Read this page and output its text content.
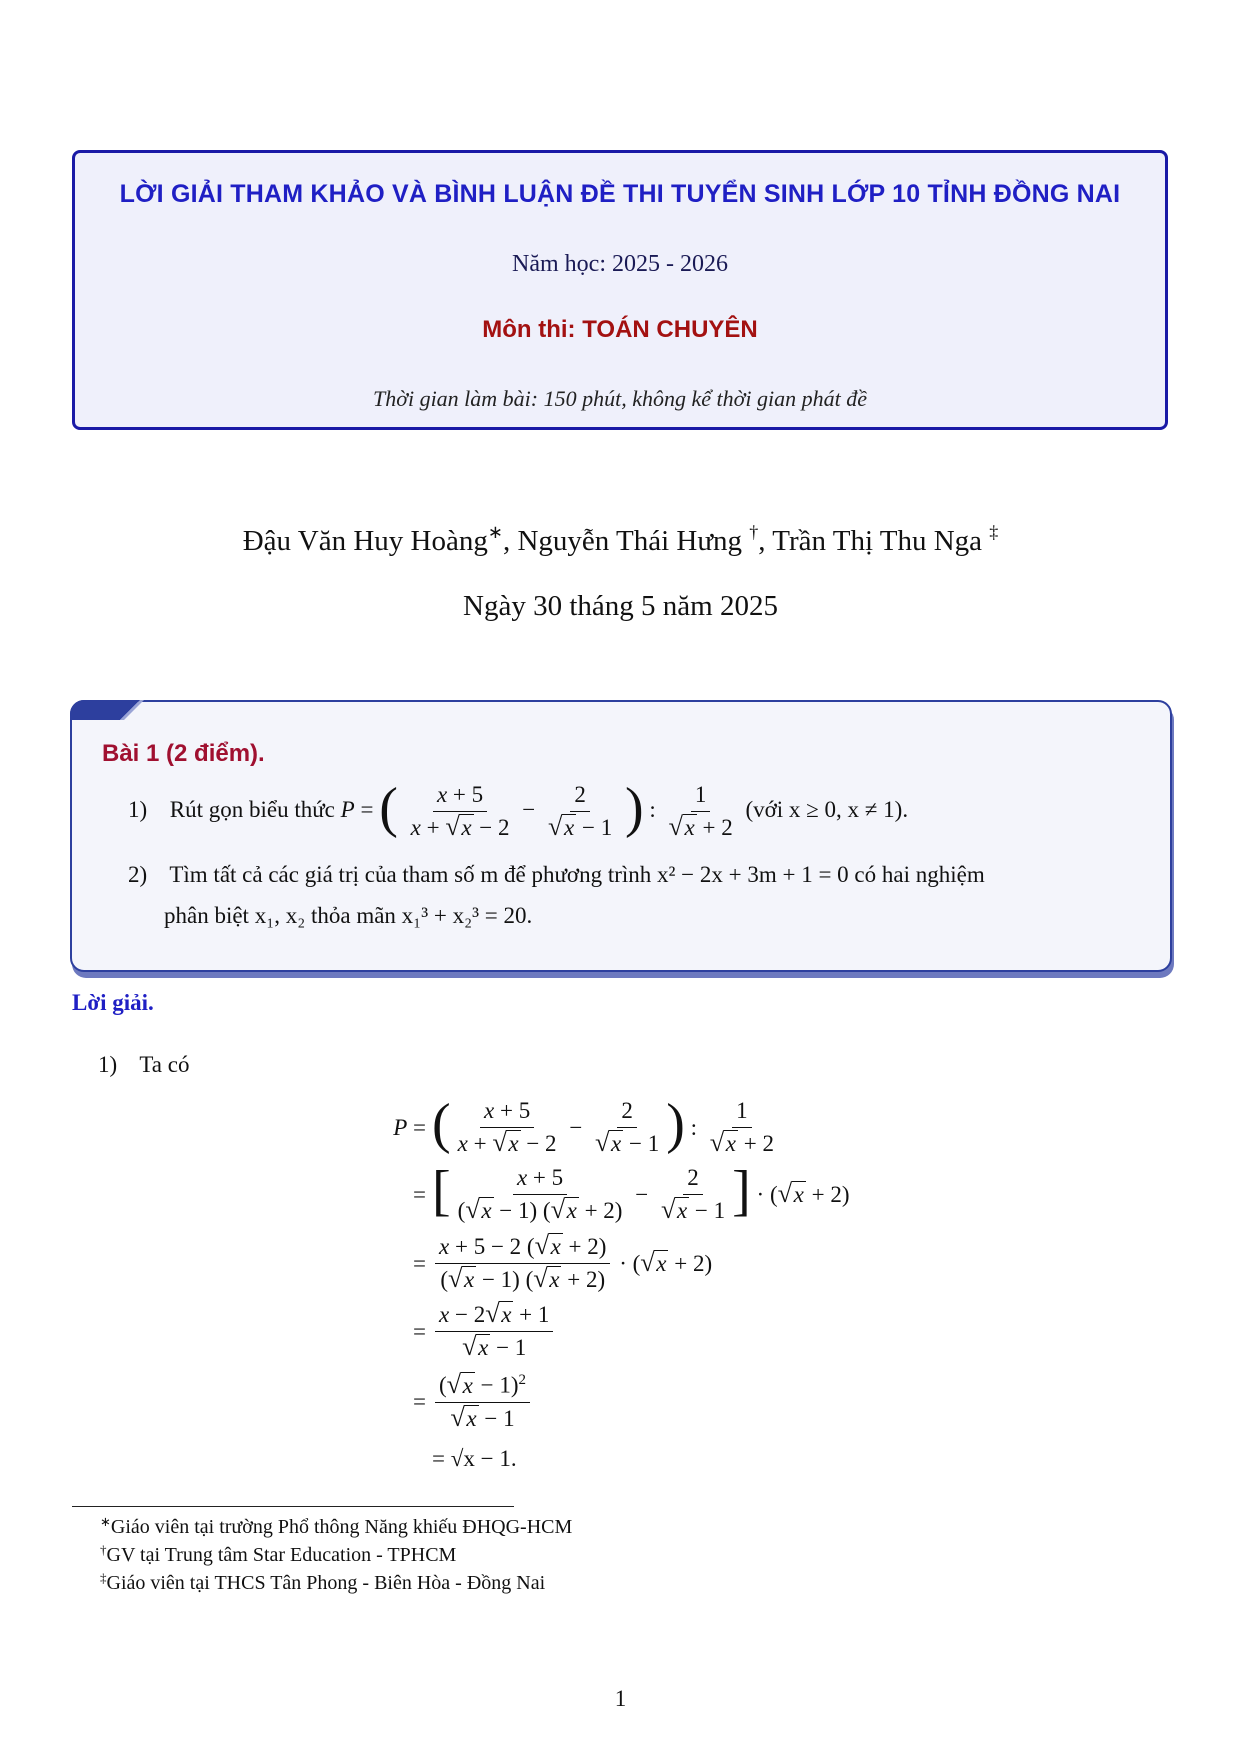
LỜI GIẢI THAM KHẢO VÀ BÌNH LUẬN ĐỀ THI TUYỂN SINH LỚP 10 TỈNH ĐỒNG NAI
Năm học: 2025 - 2026
Môn thi: TOÁN CHUYÊN
Thời gian làm bài: 150 phút, không kể thời gian phát đề
Đậu Văn Huy Hoàng∗, Nguyễn Thái Hưng †, Trần Thị Thu Nga ‡
Ngày 30 tháng 5 năm 2025
Bài 1 (2 điểm).
1) Rút gọn biểu thức P = ( $\frac{x + 5}{x + √ x - 2} - 2$
√ x − 1 ) : 1
√ x + 2 (với x ≥ 0, x ≠ 1).
2) Tìm tất cả các giá trị của tham số m để phương trình x² − 2x + 3m + 1 = 0 có hai nghiệm
phân biệt x₁, x₂ thỏa mãn x₁³ + x₂³ = 20.
Lời giải.
1) Ta có
P = ( $\frac{x + 5}{x + √ x - 2} - 2$
√ x − 1 ) : 1
√ x + 2
= [ $\frac{x + 5}{( √ x - 1) ( √ x + 2)} - 2$
√ x − 1 ] · ( √ x + 2)
= $\frac{x + 5 - 2 ( √ x + 2)}{( √ x - 1) ( √ x + 2)}$ · ( √ x + 2)
= x − 2 √ x + 1
√ x − 1
= ( √ x − 1)$^2$
√ x − 1
= √x − 1.
∗Giáo viên tại trường Phổ thông Năng khiếu ĐHQG-HCM
†GV tại Trung tâm Star Education - TPHCM
‡Giáo viên tại THCS Tân Phong - Biên Hòa - Đồng Nai
1
